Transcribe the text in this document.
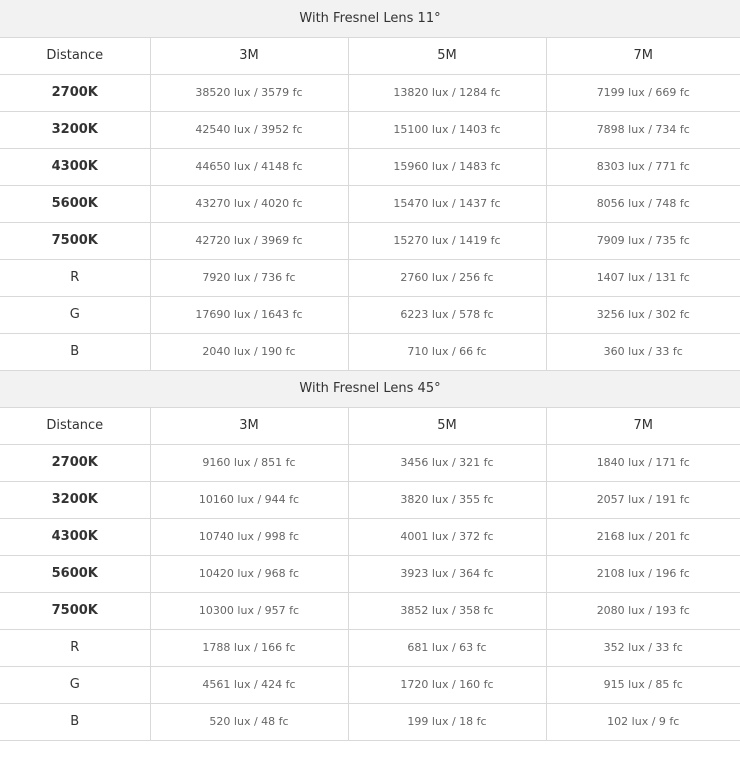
With Fresnel Lens 11°			
Distance	3M	5M	7M
2700K	38520 lux / 3579 fc	13820 lux / 1284 fc	7199 lux / 669 fc
3200K	42540 lux / 3952 fc	15100 lux / 1403 fc	7898 lux / 734 fc
4300K	44650 lux / 4148 fc	15960 lux / 1483 fc	8303 lux / 771 fc
5600K	43270 lux / 4020 fc	15470 lux / 1437 fc	8056 lux / 748 fc
7500K	42720 lux / 3969 fc	15270 lux / 1419 fc	7909 lux / 735 fc
R	7920 lux / 736 fc	2760 lux / 256 fc	1407 lux / 131 fc
G	17690 lux / 1643 fc	6223 lux / 578 fc	3256 lux / 302 fc
B	2040 lux / 190 fc	710 lux / 66 fc	360 lux / 33 fc
With Fresnel Lens 45°			
Distance	3M	5M	7M
2700K	9160 lux / 851 fc	3456 lux / 321 fc	1840 lux / 171 fc
3200K	10160 lux / 944 fc	3820 lux / 355 fc	2057 lux / 191 fc
4300K	10740 lux / 998 fc	4001 lux / 372 fc	2168 lux / 201 fc
5600K	10420 lux / 968 fc	3923 lux / 364 fc	2108 lux / 196 fc
7500K	10300 lux / 957 fc	3852 lux / 358 fc	2080 lux / 193 fc
R	1788 lux / 166 fc	681 lux / 63 fc	352 lux / 33 fc
G	4561 lux / 424 fc	1720 lux / 160 fc	915 lux / 85 fc
B	520 lux / 48 fc	199 lux / 18 fc	102 lux / 9 fc
